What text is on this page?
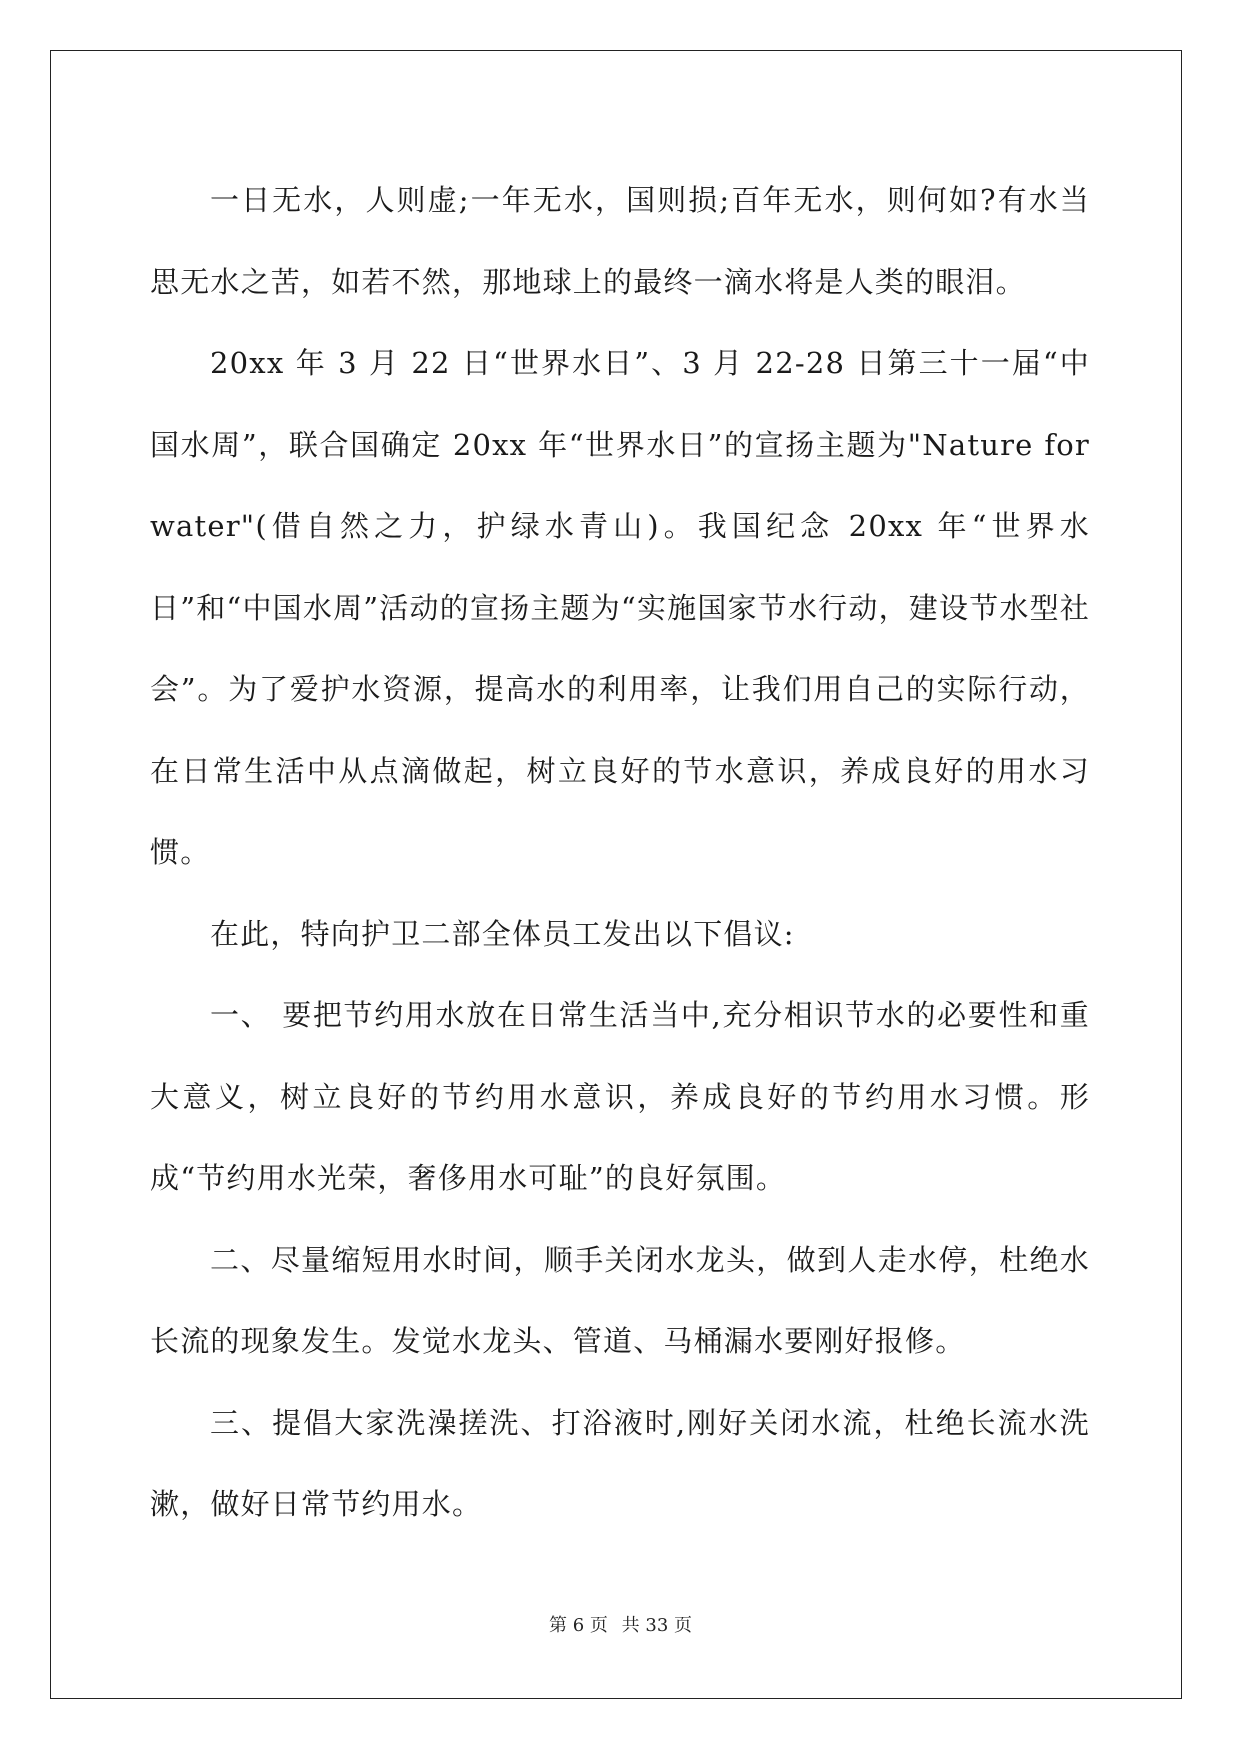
一日无水，人则虚;一年无水，国则损;百年无水，则何如?有水当思无水之苦，如若不然，那地球上的最终一滴水将是人类的眼泪。

20xx 年 3 月 22 日“世界水日”、3 月 22-28 日第三十一届“中国水周”，联合国确定 20xx 年“世界水日”的宣扬主题为"Nature for water"(借自然之力，护绿水青山)。我国纪念 20xx 年“世界水日”和“中国水周”活动的宣扬主题为“实施国家节水行动，建设节水型社会”。为了爱护水资源，提高水的利用率，让我们用自己的实际行动，在日常生活中从点滴做起，树立良好的节水意识，养成良好的用水习惯。

在此，特向护卫二部全体员工发出以下倡议:

一、 要把节约用水放在日常生活当中,充分相识节水的必要性和重大意义，树立良好的节约用水意识，养成良好的节约用水习惯。形成“节约用水光荣，奢侈用水可耻”的良好氛围。

二、尽量缩短用水时间，顺手关闭水龙头，做到人走水停，杜绝水长流的现象发生。发觉水龙头、管道、马桶漏水要刚好报修。

三、提倡大家洗澡搓洗、打浴液时,刚好关闭水流，杜绝长流水洗漱，做好日常节约用水。

第 6 页 共 33 页
